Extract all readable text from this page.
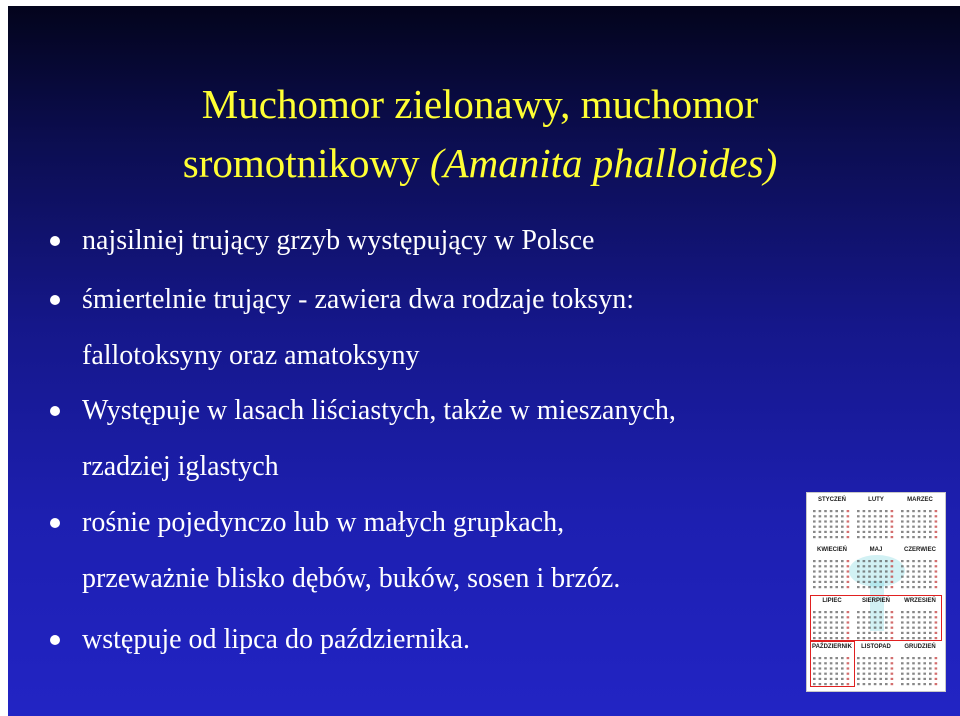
Muchomor zielonawy, muchomor
sromotnikowy (Amanita phalloides)
najsilniej trujący grzyb występujący w Polsce
śmiertelnie trujący - zawiera dwa rodzaje toksyn:
fallotoksyny oraz amatoksyny
Występuje w lasach liściastych, także w mieszanych,
rzadziej iglastych
rośnie pojedynczo lub w małych grupkach,
przeważnie blisko dębów, buków, sosen i brzóz.
wstępuje od lipca do października.
STYCZEŃ	LUTY	MARZEC
KWIECIEŃ	MAJ	CZERWIEC
LIPIEC	SIERPIEŃ	WRZESIEŃ
PAŹDZIERNIK	LISTOPAD	GRUDZIEŃ
